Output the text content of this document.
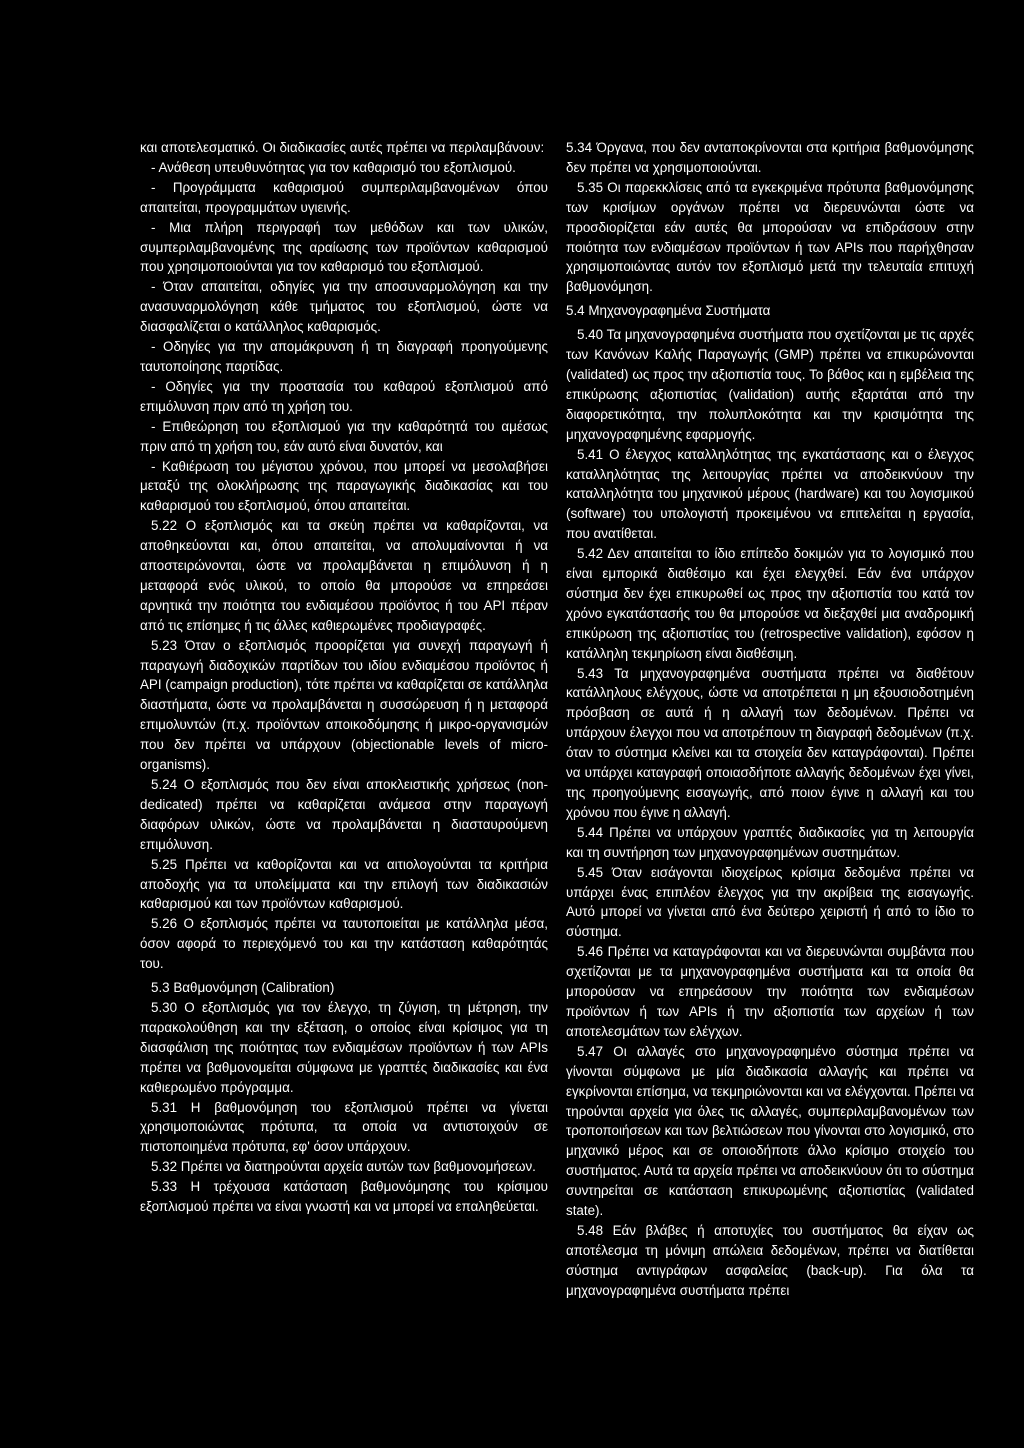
και αποτελεσματικό. Οι διαδικασίες αυτές πρέπει να περιλαμβάνουν:

- Ανάθεση υπευθυνότητας για τον καθαρισμό του εξοπλισμού.

- Προγράμματα καθαρισμού συμπεριλαμβανομένων όπου απαιτείται, προγραμμάτων υγιεινής.

- Μια πλήρη περιγραφή των μεθόδων και των υλικών, συμπεριλαμβανομένης της αραίωσης των προϊόντων καθαρισμού που χρησιμοποιούνται για τον καθαρισμό του εξοπλισμού.

- Όταν απαιτείται, οδηγίες για την αποσυναρμολόγηση και την ανασυναρμολόγηση κάθε τμήματος του εξοπλισμού, ώστε να διασφαλίζεται ο κατάλληλος καθαρισμός.

- Οδηγίες για την απομάκρυνση ή τη διαγραφή προηγούμενης ταυτοποίησης παρτίδας.

- Οδηγίες για την προστασία του καθαρού εξοπλισμού από επιμόλυνση πριν από τη χρήση του.

- Επιθεώρηση του εξοπλισμού για την καθαρότητά του αμέσως πριν από τη χρήση του, εάν αυτό είναι δυνατόν, και

- Καθιέρωση του μέγιστου χρόνου, που μπορεί να μεσολαβήσει μεταξύ της ολοκλήρωσης της παραγωγικής διαδικασίας και του καθαρισμού του εξοπλισμού, όπου απαιτείται.

5.22 Ο εξοπλισμός και τα σκεύη πρέπει να καθαρίζονται, να αποθηκεύονται και, όπου απαιτείται, να απολυμαίνονται ή να αποστειρώνονται, ώστε να προλαμβάνεται η επιμόλυνση ή η μεταφορά ενός υλικού, το οποίο θα μπορούσε να επηρεάσει αρνητικά την ποιότητα του ενδιαμέσου προϊόντος ή του API πέραν από τις επίσημες ή τις άλλες καθιερωμένες προδιαγραφές.

5.23 Όταν ο εξοπλισμός προορίζεται για συνεχή παραγωγή ή παραγωγή διαδοχικών παρτίδων του ιδίου ενδιαμέσου προϊόντος ή API (campaign production), τότε πρέπει να καθαρίζεται σε κατάλληλα διαστήματα, ώστε να προλαμβάνεται η συσσώρευση ή η μεταφορά επιμολυντών (π.χ. προϊόντων αποικοδόμησης ή μικρο-οργανισμών που δεν πρέπει να υπάρχουν (objectionable levels of micro-organisms).

5.24 Ο εξοπλισμός που δεν είναι αποκλειστικής χρήσεως (non-dedicated) πρέπει να καθαρίζεται ανάμεσα στην παραγωγή διαφόρων υλικών, ώστε να προλαμβάνεται η διασταυρούμενη επιμόλυνση.

5.25 Πρέπει να καθορίζονται και να αιτιολογούνται τα κριτήρια αποδοχής για τα υπολείμματα και την επιλογή των διαδικασιών καθαρισμού και των προϊόντων καθαρισμού.

5.26 Ο εξοπλισμός πρέπει να ταυτοποιείται με κατάλληλα μέσα, όσον αφορά το περιεχόμενό του και την κατάσταση καθαρότητάς του.

5.3 Βαθμονόμηση (Calibration)

5.30 Ο εξοπλισμός για τον έλεγχο, τη ζύγιση, τη μέτρηση, την παρακολούθηση και την εξέταση, ο οποίος είναι κρίσιμος για τη διασφάλιση της ποιότητας των ενδιαμέσων προϊόντων ή των APIs πρέπει να βαθμονομείται σύμφωνα με γραπτές διαδικασίες και ένα καθιερωμένο πρόγραμμα.

5.31 Η βαθμονόμηση του εξοπλισμού πρέπει να γίνεται χρησιμοποιώντας πρότυπα, τα οποία να αντιστοιχούν σε πιστοποιημένα πρότυπα, εφ' όσον υπάρχουν.

5.32 Πρέπει να διατηρούνται αρχεία αυτών των βαθμονομήσεων.

5.33 Η τρέχουσα κατάσταση βαθμονόμησης του κρίσιμου εξοπλισμού πρέπει να είναι γνωστή και να μπορεί να επαληθεύεται.

5.34 Όργανα, που δεν ανταποκρίνονται στα κριτήρια βαθμονόμησης δεν πρέπει να χρησιμοποιούνται.

5.35 Οι παρεκκλίσεις από τα εγκεκριμένα πρότυπα βαθμονόμησης των κρισίμων οργάνων πρέπει να διερευνώνται ώστε να προσδιορίζεται εάν αυτές θα μπορούσαν να επιδράσουν στην ποιότητα των ενδιαμέσων προϊόντων ή των APIs που παρήχθησαν χρησιμοποιώντας αυτόν τον εξοπλισμό μετά την τελευταία επιτυχή βαθμονόμηση.

5.4 Μηχανογραφημένα Συστήματα

5.40 Τα μηχανογραφημένα συστήματα που σχετίζονται με τις αρχές των Κανόνων Καλής Παραγωγής (GMP) πρέπει να επικυρώνονται (validated) ως προς την αξιοπιστία τους. Το βάθος και η εμβέλεια της επικύρωσης αξιοπιστίας (validation) αυτής εξαρτάται από την διαφορετικότητα, την πολυπλοκότητα και την κρισιμότητα της μηχανογραφημένης εφαρμογής.

5.41 Ο έλεγχος καταλληλότητας της εγκατάστασης και ο έλεγχος καταλληλότητας της λειτουργίας πρέπει να αποδεικνύουν την καταλληλότητα του μηχανικού μέρους (hardware) και του λογισμικού (software) του υπολογιστή προκειμένου να επιτελείται η εργασία, που ανατίθεται.

5.42 Δεν απαιτείται το ίδιο επίπεδο δοκιμών για το λογισμικό που είναι εμπορικά διαθέσιμο και έχει ελεγχθεί. Εάν ένα υπάρχον σύστημα δεν έχει επικυρωθεί ως προς την αξιοπιστία του κατά τον χρόνο εγκατάστασής του θα μπορούσε να διεξαχθεί μια αναδρομική επικύρωση της αξιοπιστίας του (retrospective validation), εφόσον η κατάλληλη τεκμηρίωση είναι διαθέσιμη.

5.43 Τα μηχανογραφημένα συστήματα πρέπει να διαθέτουν κατάλληλους ελέγχους, ώστε να αποτρέπεται η μη εξουσιοδοτημένη πρόσβαση σε αυτά ή η αλλαγή των δεδομένων. Πρέπει να υπάρχουν έλεγχοι που να αποτρέπουν τη διαγραφή δεδομένων (π.χ. όταν το σύστημα κλείνει και τα στοιχεία δεν καταγράφονται). Πρέπει να υπάρχει καταγραφή οποιασδήποτε αλλαγής δεδομένων έχει γίνει, της προηγούμενης εισαγωγής, από ποιον έγινε η αλλαγή και του χρόνου που έγινε η αλλαγή.

5.44 Πρέπει να υπάρχουν γραπτές διαδικασίες για τη λειτουργία και τη συντήρηση των μηχανογραφημένων συστημάτων.

5.45 Όταν εισάγονται ιδιοχείρως κρίσιμα δεδομένα πρέπει να υπάρχει ένας επιπλέον έλεγχος για την ακρίβεια της εισαγωγής. Αυτό μπορεί να γίνεται από ένα δεύτερο χειριστή ή από το ίδιο το σύστημα.

5.46 Πρέπει να καταγράφονται και να διερευνώνται συμβάντα που σχετίζονται με τα μηχανογραφημένα συστήματα και τα οποία θα μπορούσαν να επηρεάσουν την ποιότητα των ενδιαμέσων προϊόντων ή των APIs ή την αξιοπιστία των αρχείων ή των αποτελεσμάτων των ελέγχων.

5.47 Οι αλλαγές στο μηχανογραφημένο σύστημα πρέπει να γίνονται σύμφωνα με μία διαδικασία αλλαγής και πρέπει να εγκρίνονται επίσημα, να τεκμηριώνονται και να ελέγχονται. Πρέπει να τηρούνται αρχεία για όλες τις αλλαγές, συμπεριλαμβανομένων των τροποποιήσεων και των βελτιώσεων που γίνονται στο λογισμικό, στο μηχανικό μέρος και σε οποιοδήποτε άλλο κρίσιμο στοιχείο του συστήματος. Αυτά τα αρχεία πρέπει να αποδεικνύουν ότι το σύστημα συντηρείται σε κατάσταση επικυρωμένης αξιοπιστίας (validated state).

5.48 Εάν βλάβες ή αποτυχίες του συστήματος θα είχαν ως αποτέλεσμα τη μόνιμη απώλεια δεδομένων, πρέπει να διατίθεται σύστημα αντιγράφων ασφαλείας (back-up). Για όλα τα μηχανογραφημένα συστήματα πρέπει
